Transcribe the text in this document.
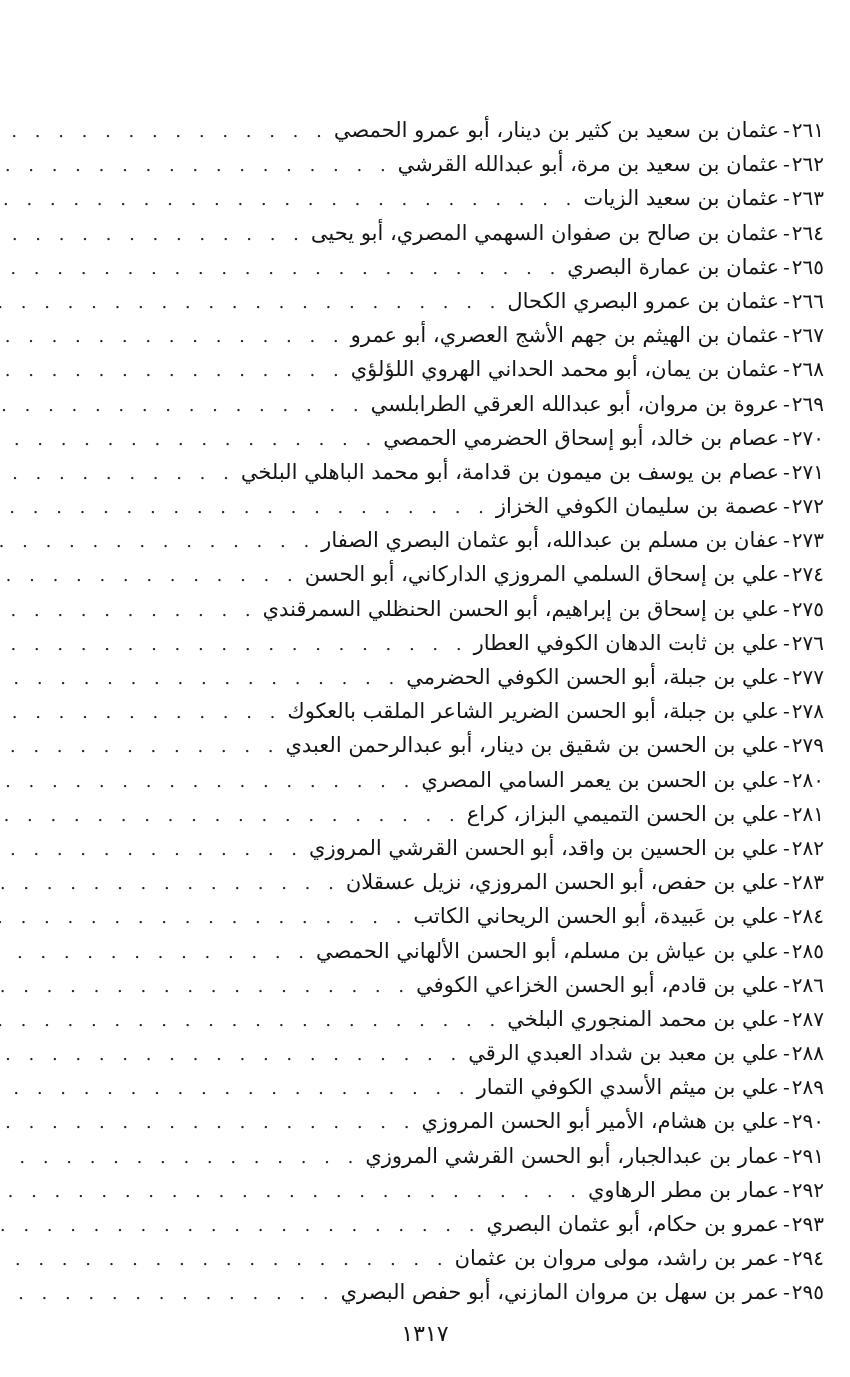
٢٦١
-
عثمان بن سعيد بن كثير بن دينار، أبو عمرو الحمصي
. . .
٢٦٢
-
عثمان بن سعيد بن مرة، أبو عبدالله القرشي
. . .
٢٦٣
-
عثمان بن سعيد الزيات
. . .
٢٦٤
-
عثمان بن صالح بن صفوان السهمي المصري، أبو يحيى
. . .
٢٦٥
-
عثمان بن عمارة البصري
. . .
٢٦٦
-
عثمان بن عمرو البصري الكحال
. . .
٢٦٧
-
عثمان بن الهيثم بن جهم الأشج العصري، أبو عمرو
. . .
٢٦٨
-
عثمان بن يمان، أبو محمد الحداني الهروي اللؤلؤي
. . .
٢٦٩
-
عروة بن مروان، أبو عبدالله العرقي الطرابلسي
. . .
٢٧٠
-
عصام بن خالد، أبو إسحاق الحضرمي الحمصي
. . .
٢٧١
-
عصام بن يوسف بن ميمون بن قدامة، أبو محمد الباهلي البلخي
. . .
٢٧٢
-
عصمة بن سليمان الكوفي الخزاز
. . .
٢٧٣
-
عفان بن مسلم بن عبدالله، أبو عثمان البصري الصفار
. . .
٢٧٤
-
علي بن إسحاق السلمي المروزي الداركاني، أبو الحسن
. . .
٢٧٥
-
علي بن إسحاق بن إبراهيم، أبو الحسن الحنظلي السمرقندي
. . .
٢٧٦
-
علي بن ثابت الدهان الكوفي العطار
. . .
٢٧٧
-
علي بن جبلة، أبو الحسن الكوفي الحضرمي
. . .
٢٧٨
-
علي بن جبلة، أبو الحسن الضرير الشاعر الملقب بالعكوك
. . .
٢٧٩
-
علي بن الحسن بن شقيق بن دينار، أبو عبدالرحمن العبدي
. . .
٢٨٠
-
علي بن الحسن بن يعمر السامي المصري
. . .
٢٨١
-
علي بن الحسن التميمي البزاز، كراع
. . .
٢٨٢
-
علي بن الحسين بن واقد، أبو الحسن القرشي المروزي
. . .
٢٨٣
-
علي بن حفص، أبو الحسن المروزي، نزيل عسقلان
. . .
٢٨٤
-
علي بن عَبيدة، أبو الحسن الريحاني الكاتب
. . .
٢٨٥
-
علي بن عياش بن مسلم، أبو الحسن الألهاني الحمصي
. . .
٢٨٦
-
علي بن قادم، أبو الحسن الخزاعي الكوفي
. . .
٢٨٧
-
علي بن محمد المنجوري البلخي
. . .
٢٨٨
-
علي بن معبد بن شداد العبدي الرقي
. . .
٢٨٩
-
علي بن ميثم الأسدي الكوفي التمار
. . .
٢٩٠
-
علي بن هشام، الأمير أبو الحسن المروزي
. . .
٢٩١
-
عمار بن عبدالجبار، أبو الحسن القرشي المروزي
. . .
٢٩٢
-
عمار بن مطر الرهاوي
. . .
٢٩٣
-
عمرو بن حكام، أبو عثمان البصري
. . .
٢٩٤
-
عمر بن راشد، مولى مروان بن عثمان
. . .
٢٩٥
-
عمر بن سهل بن مروان المازني، أبو حفص البصري
. . .
١٣١٧
